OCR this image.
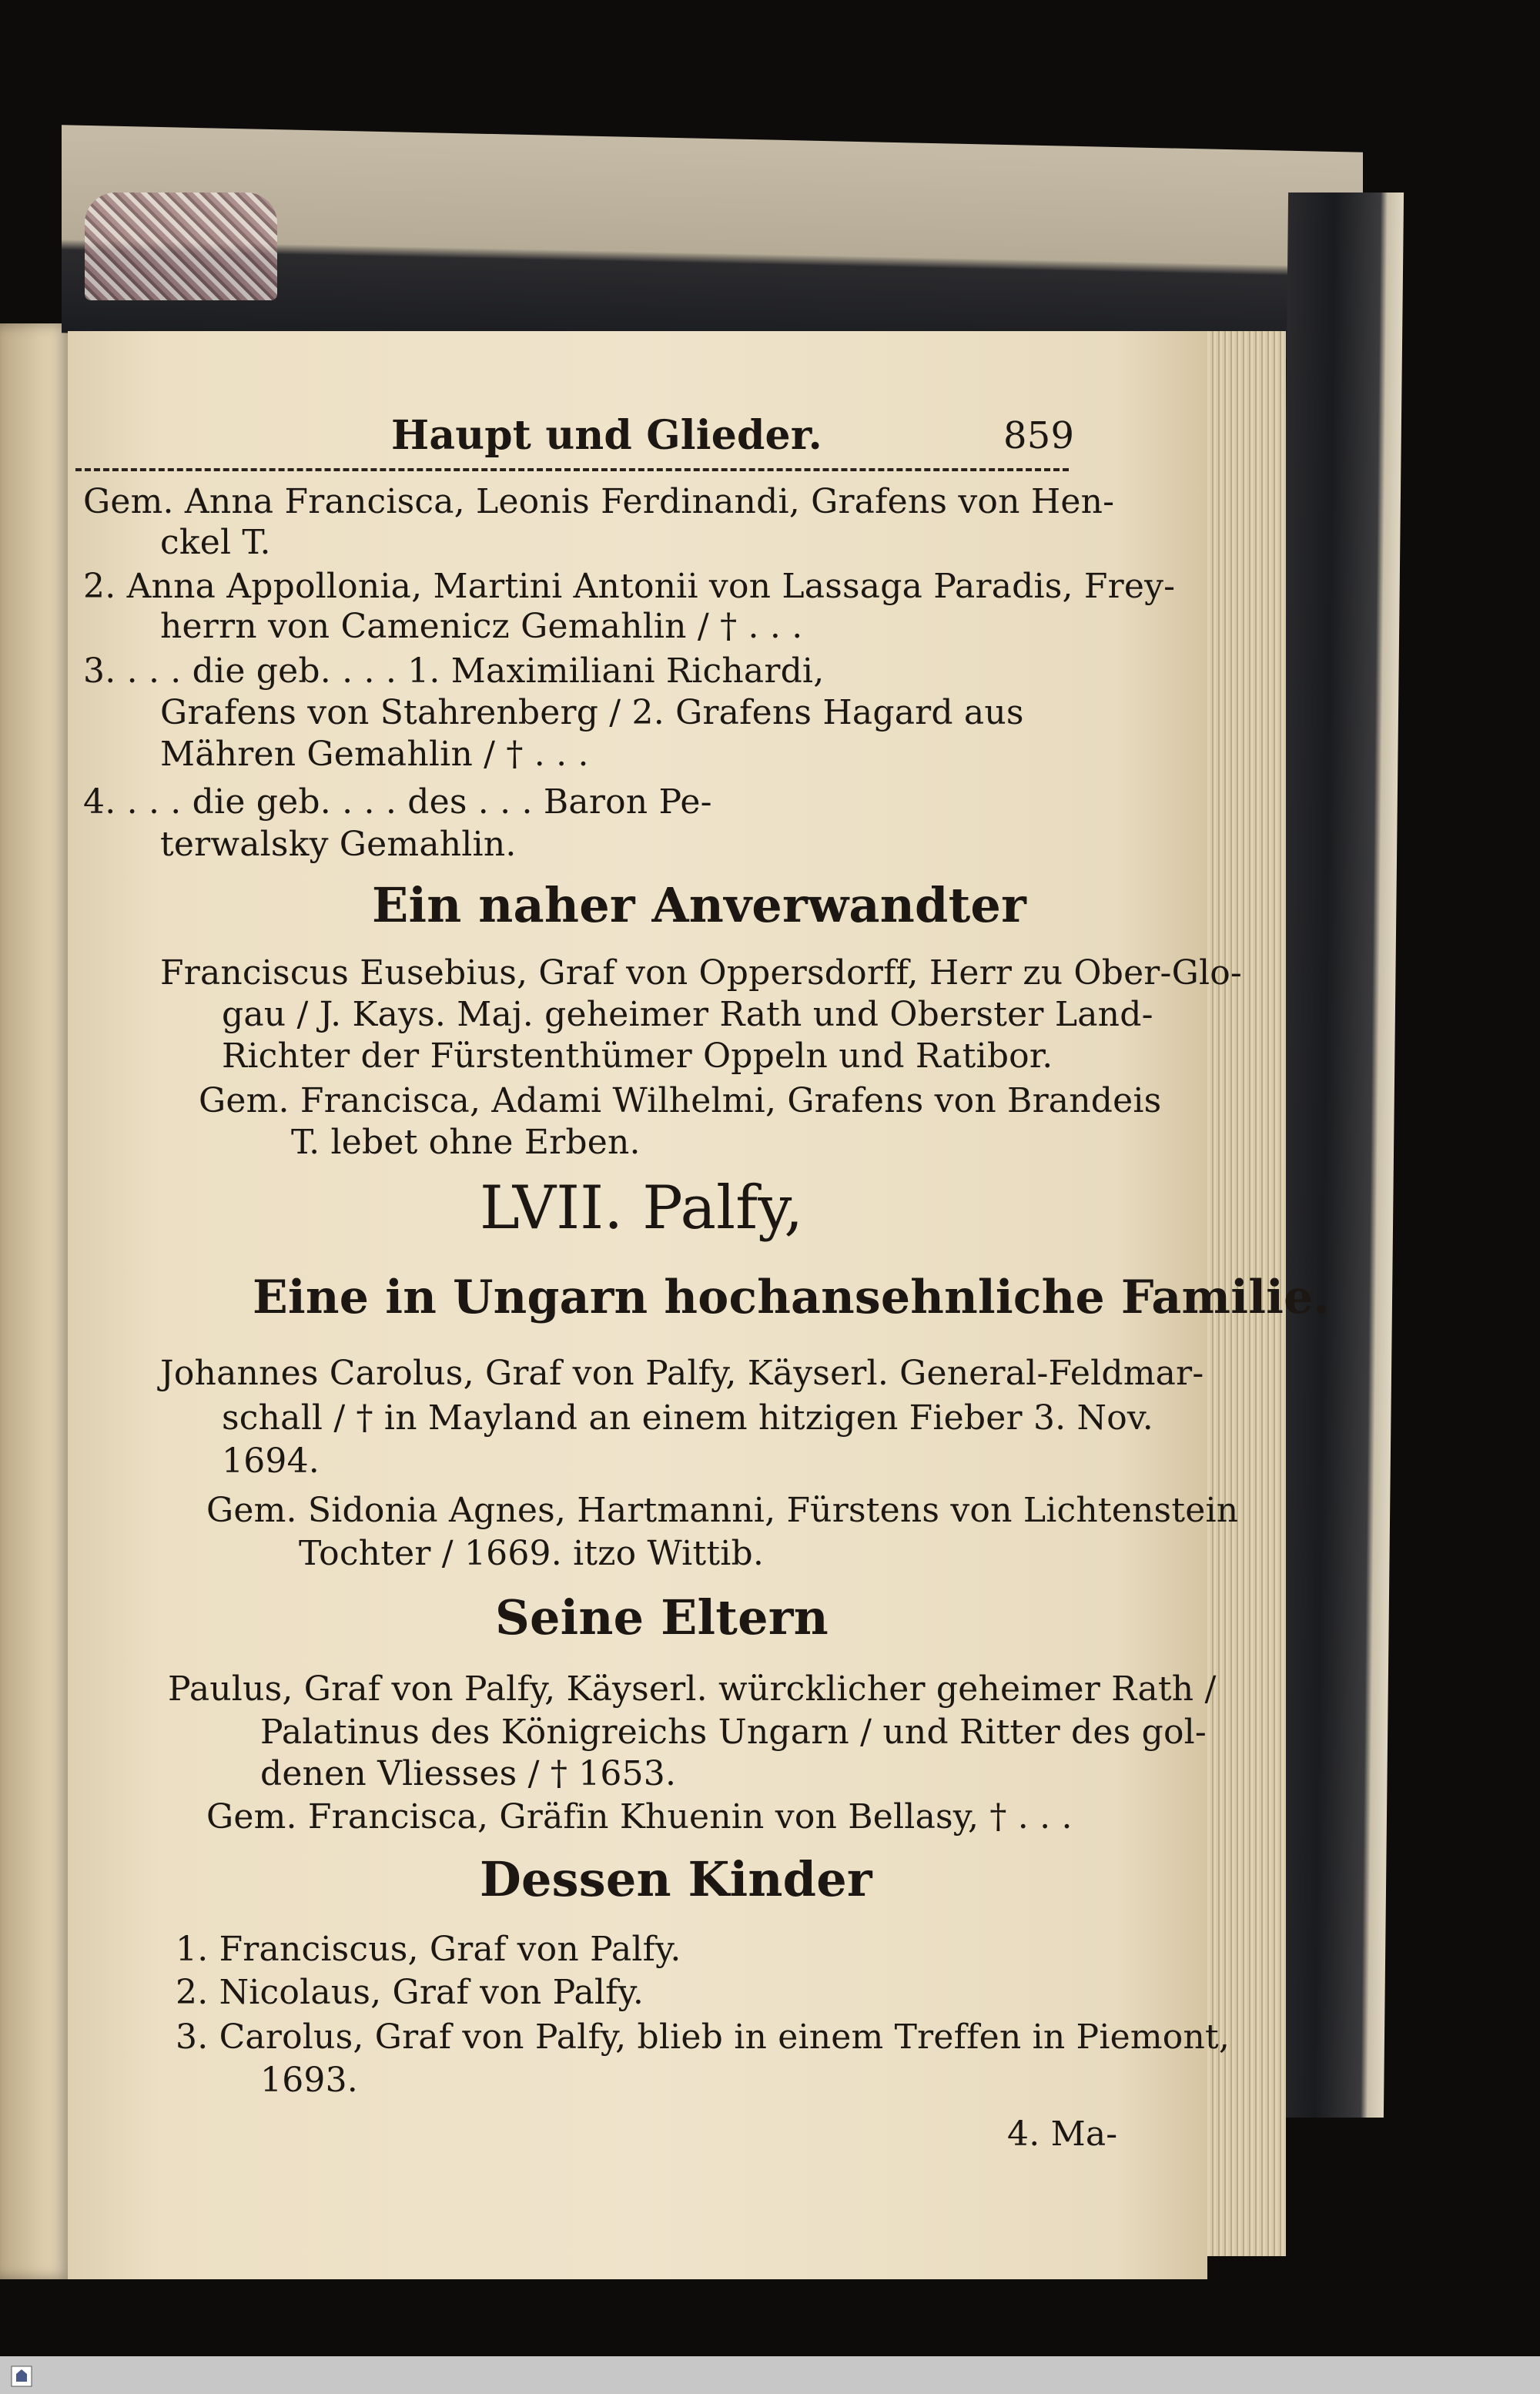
Haupt und Glieder.	859
Gem. Anna Francisca, Leonis Ferdinandi, Grafens von Hen-
ckel T.
2. Anna Appollonia, Martini Antonii von Lassaga Paradis, Frey-
herrn von Camenicz Gemahlin / † . . .
3. . . . die geb. . . . 1. Maximiliani Richardi,
Grafens von Stahrenberg / 2. Grafens Hagard aus
Mähren Gemahlin / † . . .
4. . . . die geb. . . . des . . . Baron Pe-
terwalsky Gemahlin.
Ein naher Anverwandter
Franciscus Eusebius, Graf von Oppersdorff, Herr zu Ober-Glo-
gau / J. Kays. Maj. geheimer Rath und Oberster Land-
Richter der Fürstenthümer Oppeln und Ratibor.
Gem. Francisca, Adami Wilhelmi, Grafens von Brandeis
T. lebet ohne Erben.
LVII. Palfy,
Eine in Ungarn hochansehnliche Familie.
Johannes Carolus, Graf von Palfy, Käyserl. General-Feldmar-
schall / † in Mayland an einem hitzigen Fieber 3. Nov.
1694.
Gem. Sidonia Agnes, Hartmanni, Fürstens von Lichtenstein
Tochter / 1669. itzo Wittib.
Seine Eltern
Paulus, Graf von Palfy, Käyserl. würcklicher geheimer Rath /
Palatinus des Königreichs Ungarn / und Ritter des gol-
denen Vliesses / † 1653.
Gem. Francisca, Gräfin Khuenin von Bellasy, † . . .
Dessen Kinder
1. Franciscus, Graf von Palfy.
2. Nicolaus, Graf von Palfy.
3. Carolus, Graf von Palfy, blieb in einem Treffen in Piemont,
1693.
4. Ma-
